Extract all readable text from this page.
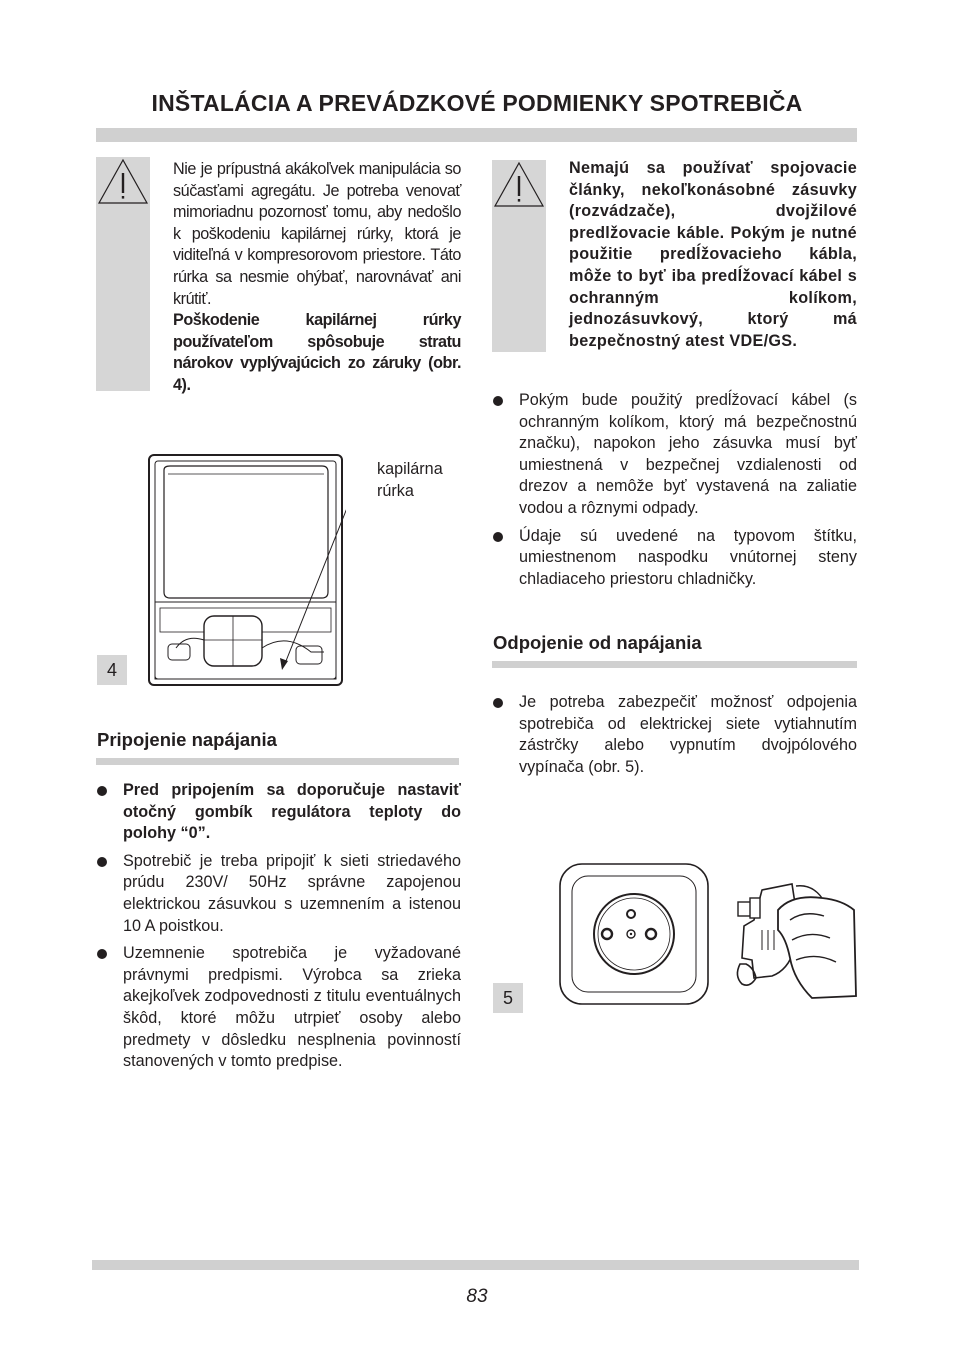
INŠTALÁCIA A PREVÁDZKOVÉ PODMIENKY SPOTREBIČA
Nie je prípustná akákoľvek manipulácia so súčasťami agregátu. Je potreba venovať mimoriadnu pozornosť tomu, aby nedošlo k poškodeniu kapilárnej rúrky, ktorá je viditeľná v kompresorovom priestore. Táto rúrka sa nesmie ohýbať, narovnávať ani krútiť.
Poškodenie kapilárnej rúrky používateľom spôsobuje stratu nárokov vyplývajúcich zo záruky (obr. 4).
kapilárna
rúrka
4
Pripojenie napájania
Pred pripojením sa doporučuje nastaviť otočný gombík regulátora teploty do polohy “0”.
Spotrebič je treba pripojiť k sieti striedavého prúdu 230V/ 50Hz správne zapojenou elektrickou zásuvkou s uzemnením a istenou 10 A poistkou.
Uzemnenie spotrebiča je vyžadované právnymi predpismi. Výrobca sa zrieka akejkoľvek zodpovednosti z titulu eventuálnych škôd, ktoré môžu utrpieť osoby alebo predmety v dôsledku nesplnenia povinností stanovených v tomto predpise.
Nemajú sa používať spojovacie články, nekoľkonásobné zásuvky (rozvádzače), dvojžilové predlžovacie káble. Pokým je nutné použitie predĺžovacieho kábla, môže to byť iba predĺžovací kábel s ochranným kolíkom, jednozásuvkový, ktorý má bezpečnostný atest VDE/GS.
Pokým bude použitý predĺžovací kábel (s ochranným kolíkom, ktorý má bezpečnostnú značku), napokon jeho zásuvka musí byť umiestnená v bezpečnej vzdialenosti od drezov a nemôže byť vystavená na zaliatie vodou a rôznymi odpady.
Údaje sú uvedené na typovom štítku, umiestnenom naspodku vnútornej steny chladiaceho priestoru chladničky.
Odpojenie od napájania
Je potreba zabezpečiť možnosť odpojenia spotrebiča od elektrickej siete vytiahnutím zástrčky alebo vypnutím dvojpólového vypínača (obr. 5).
5
83
